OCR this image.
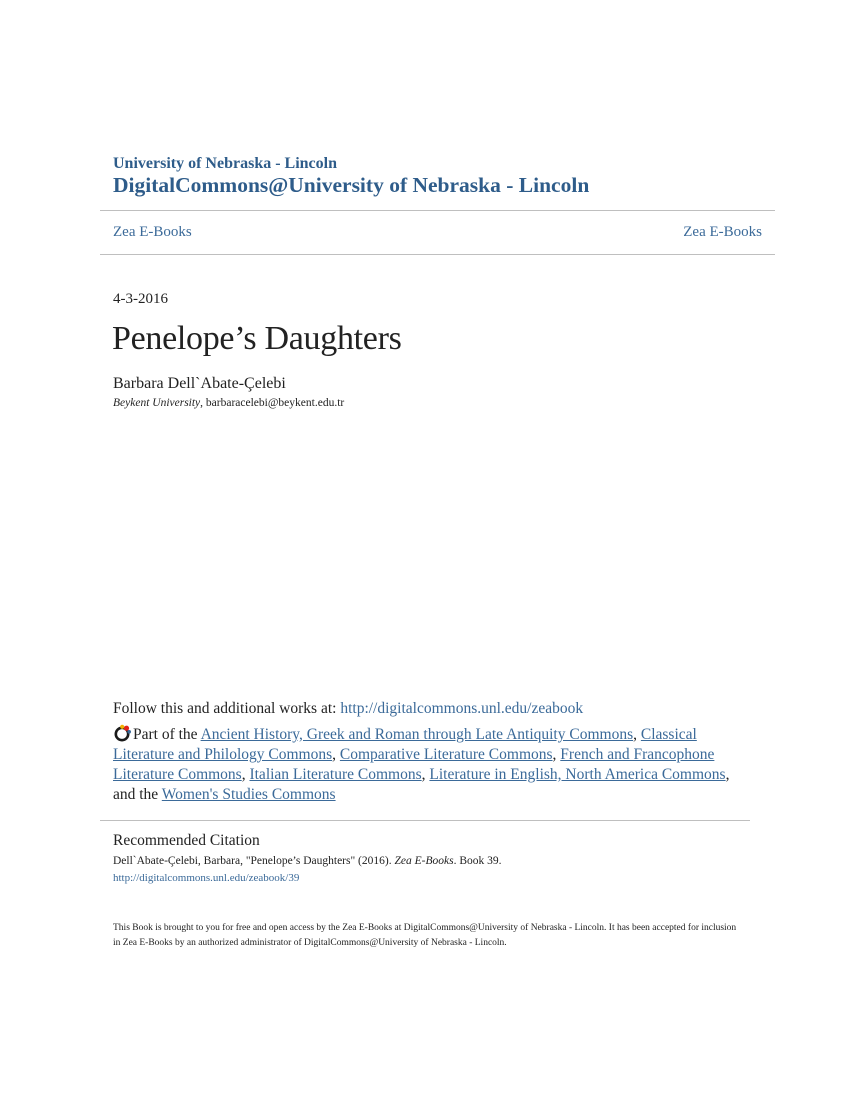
University of Nebraska - Lincoln
DigitalCommons@University of Nebraska - Lincoln
Zea E-Books	Zea E-Books
4-3-2016
Penelope’s Daughters
Barbara Dell`Abate-Çelebi
Beykent University, barbaracelebi@beykent.edu.tr
Follow this and additional works at: http://digitalcommons.unl.edu/zeabook
Part of the Ancient History, Greek and Roman through Late Antiquity Commons, Classical Literature and Philology Commons, Comparative Literature Commons, French and Francophone Literature Commons, Italian Literature Commons, Literature in English, North America Commons, and the Women's Studies Commons
Recommended Citation
Dell`Abate-Çelebi, Barbara, "Penelope’s Daughters" (2016). Zea E-Books. Book 39.
http://digitalcommons.unl.edu/zeabook/39
This Book is brought to you for free and open access by the Zea E-Books at DigitalCommons@University of Nebraska - Lincoln. It has been accepted for inclusion in Zea E-Books by an authorized administrator of DigitalCommons@University of Nebraska - Lincoln.
